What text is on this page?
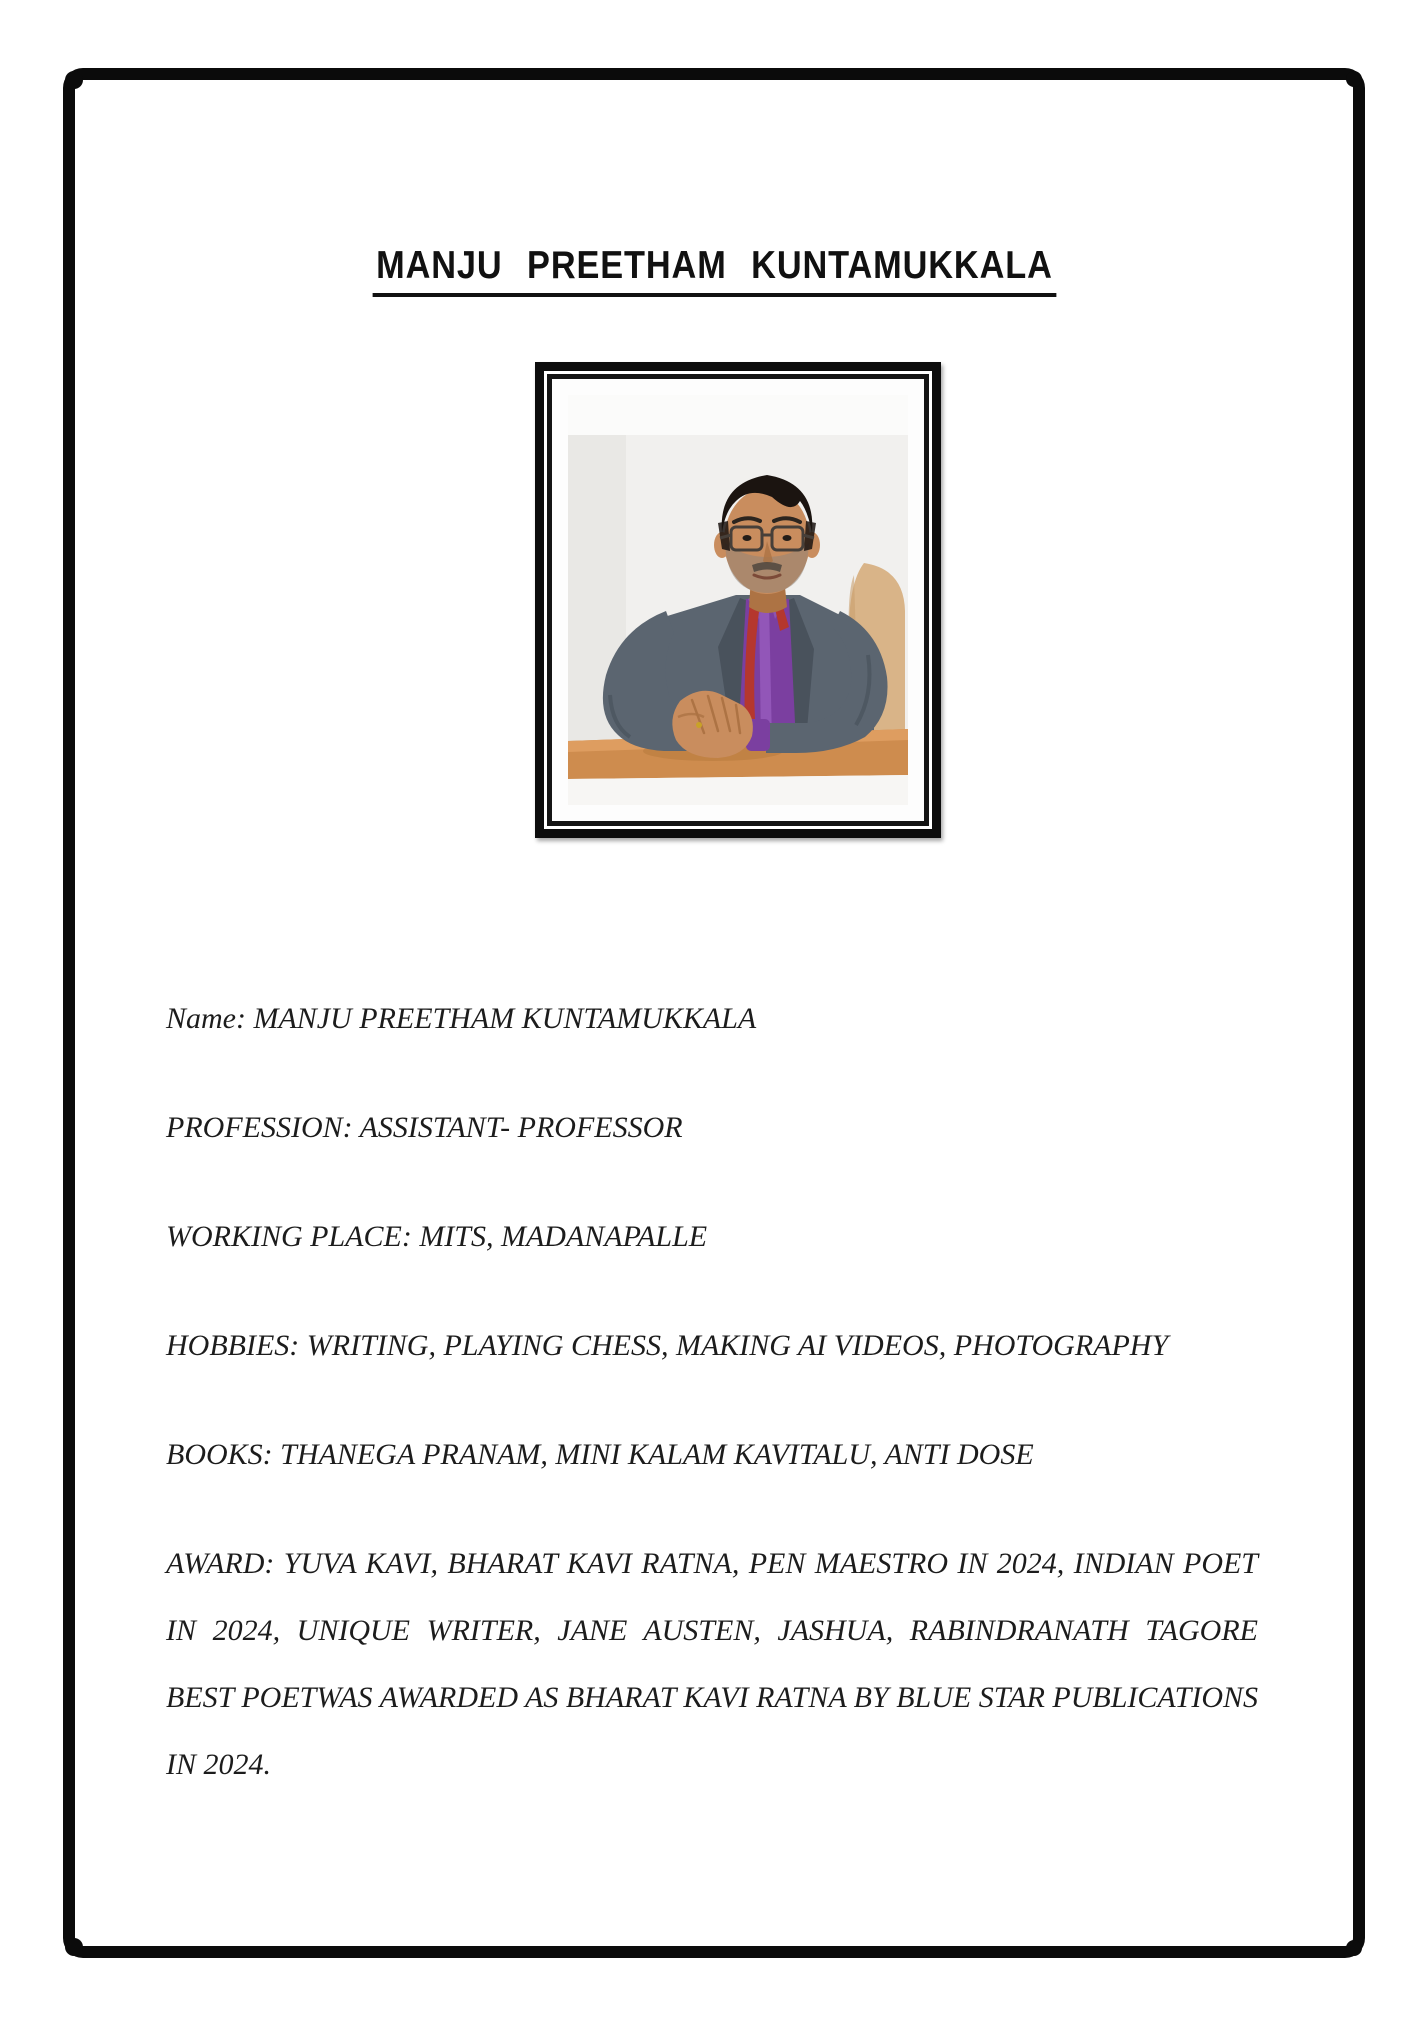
MANJU PREETHAM KUNTAMUKKALA
Name: MANJU PREETHAM KUNTAMUKKALA
PROFESSION: ASSISTANT- PROFESSOR
WORKING PLACE: MITS, MADANAPALLE
HOBBIES: WRITING, PLAYING CHESS, MAKING AI VIDEOS, PHOTOGRAPHY
BOOKS: THANEGA PRANAM, MINI KALAM KAVITALU, ANTI DOSE
AWARD: YUVA KAVI, BHARAT KAVI RATNA, PEN MAESTRO IN 2024, INDIAN POET IN 2024, UNIQUE WRITER, JANE AUSTEN, JASHUA, RABINDRANATH TAGORE BEST POETWAS AWARDED AS BHARAT KAVI RATNA BY BLUE STAR PUBLICATIONS IN 2024.
